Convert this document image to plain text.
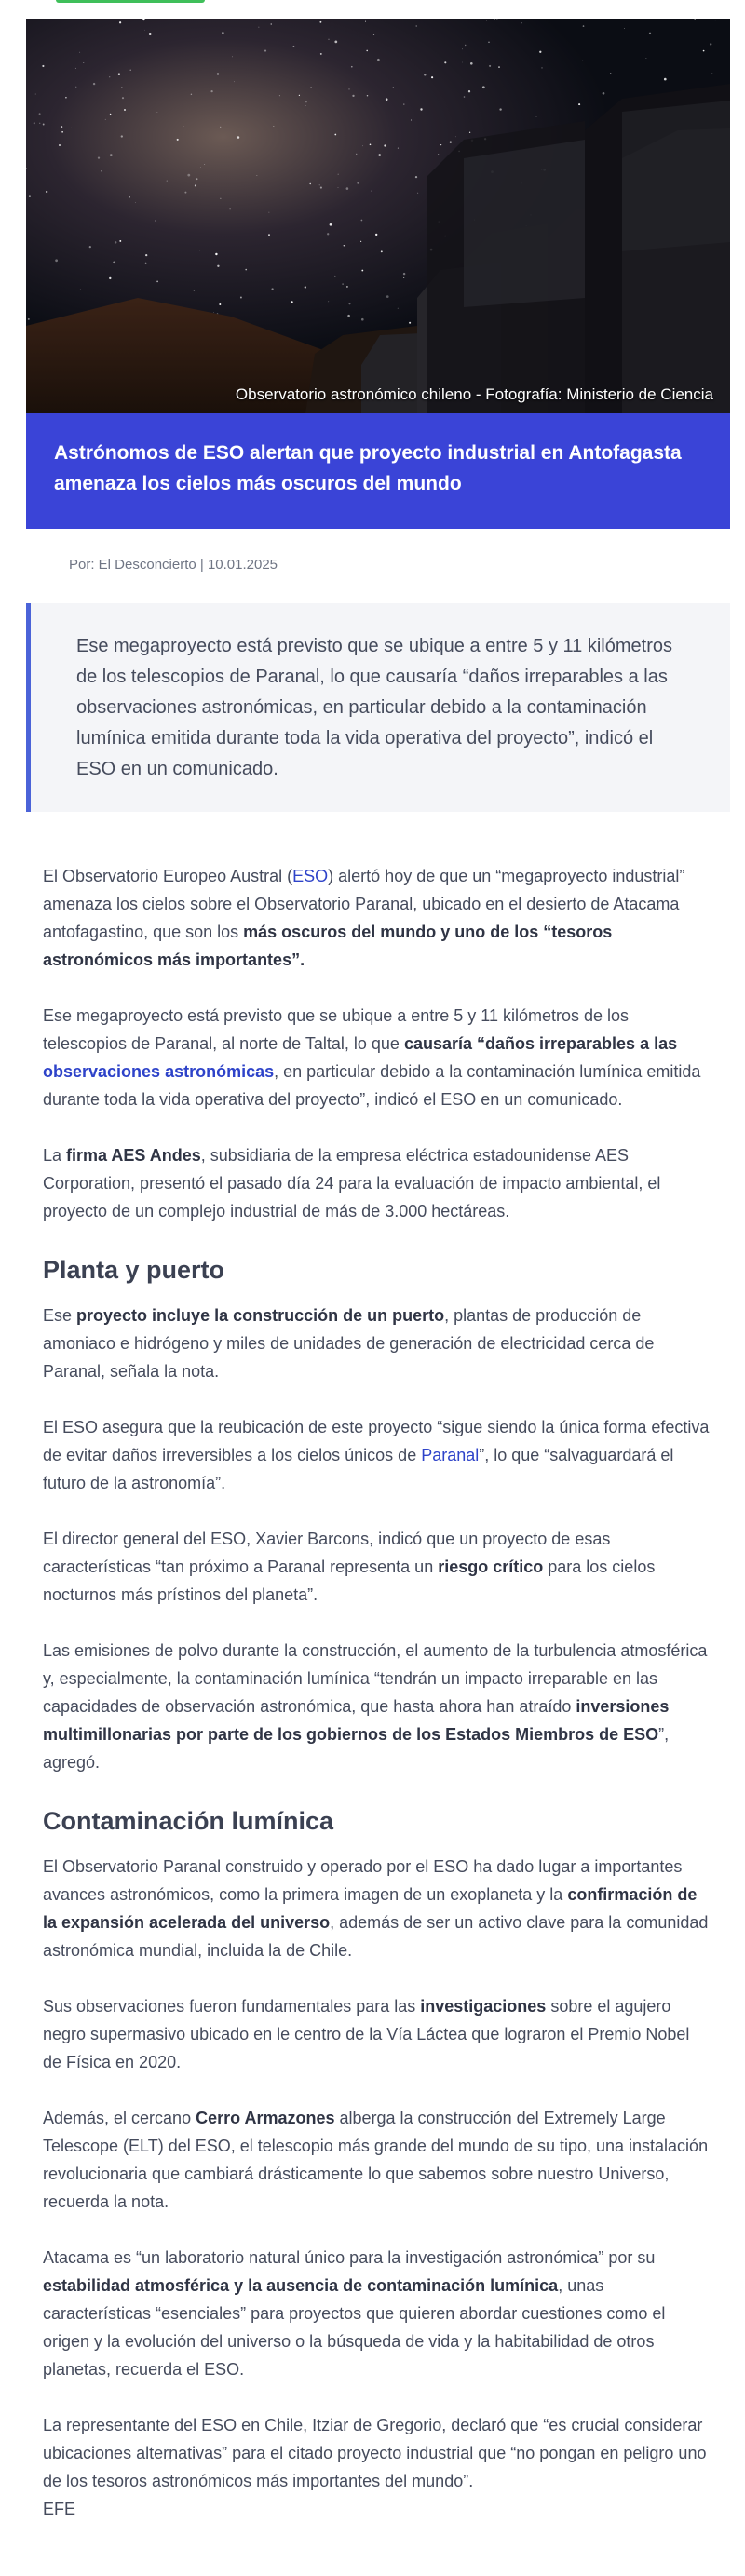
Observatorio astronómico chileno - Fotografía: Ministerio de Ciencia
Astrónomos de ESO alertan que proyecto industrial en Antofagasta amenaza los cielos más oscuros del mundo
Por: El Desconcierto | 10.01.2025

Ese megaproyecto está previsto que se ubique a entre 5 y 11 kilómetros de los telescopios de Paranal, lo que causaría “daños irreparables a las observaciones astronómicas, en particular debido a la contaminación lumínica emitida durante toda la vida operativa del proyecto”, indicó el ESO en un comunicado.

El Observatorio Europeo Austral (ESO) alertó hoy de que un “megaproyecto industrial” amenaza los cielos sobre el Observatorio Paranal, ubicado en el desierto de Atacama antofagastino, que son los más oscuros del mundo y uno de los “tesoros astronómicos más importantes”.

Ese megaproyecto está previsto que se ubique a entre 5 y 11 kilómetros de los telescopios de Paranal, al norte de Taltal, lo que causaría “daños irreparables a las observaciones astronómicas, en particular debido a la contaminación lumínica emitida durante toda la vida operativa del proyecto”, indicó el ESO en un comunicado.

La firma AES Andes, subsidiaria de la empresa eléctrica estadounidense AES Corporation, presentó el pasado día 24 para la evaluación de impacto ambiental, el proyecto de un complejo industrial de más de 3.000 hectáreas.

Planta y puerto

Ese proyecto incluye la construcción de un puerto, plantas de producción de amoniaco e hidrógeno y miles de unidades de generación de electricidad cerca de Paranal, señala la nota.

El ESO asegura que la reubicación de este proyecto “sigue siendo la única forma efectiva de evitar daños irreversibles a los cielos únicos de Paranal”, lo que “salvaguardará el futuro de la astronomía”.

El director general del ESO, Xavier Barcons, indicó que un proyecto de esas características “tan próximo a Paranal representa un riesgo crítico para los cielos nocturnos más prístinos del planeta”.

Las emisiones de polvo durante la construcción, el aumento de la turbulencia atmosférica y, especialmente, la contaminación lumínica “tendrán un impacto irreparable en las capacidades de observación astronómica, que hasta ahora han atraído inversiones multimillonarias por parte de los gobiernos de los Estados Miembros de ESO”, agregó.

Contaminación lumínica

El Observatorio Paranal construido y operado por el ESO ha dado lugar a importantes avances astronómicos, como la primera imagen de un exoplaneta y la confirmación de la expansión acelerada del universo, además de ser un activo clave para la comunidad astronómica mundial, incluida la de Chile.

Sus observaciones fueron fundamentales para las investigaciones sobre el agujero negro supermasivo ubicado en le centro de la Vía Láctea que lograron el Premio Nobel de Física en 2020.

Además, el cercano Cerro Armazones alberga la construcción del Extremely Large Telescope (ELT) del ESO, el telescopio más grande del mundo de su tipo, una instalación revolucionaria que cambiará drásticamente lo que sabemos sobre nuestro Universo, recuerda la nota.

Atacama es “un laboratorio natural único para la investigación astronómica” por su estabilidad atmosférica y la ausencia de contaminación lumínica, unas características “esenciales” para proyectos que quieren abordar cuestiones como el origen y la evolución del universo o la búsqueda de vida y la habitabilidad de otros planetas, recuerda el ESO.

La representante del ESO en Chile, Itziar de Gregorio, declaró que “es crucial considerar ubicaciones alternativas” para el citado proyecto industrial que “no pongan en peligro uno de los tesoros astronómicos más importantes del mundo”.
EFE
